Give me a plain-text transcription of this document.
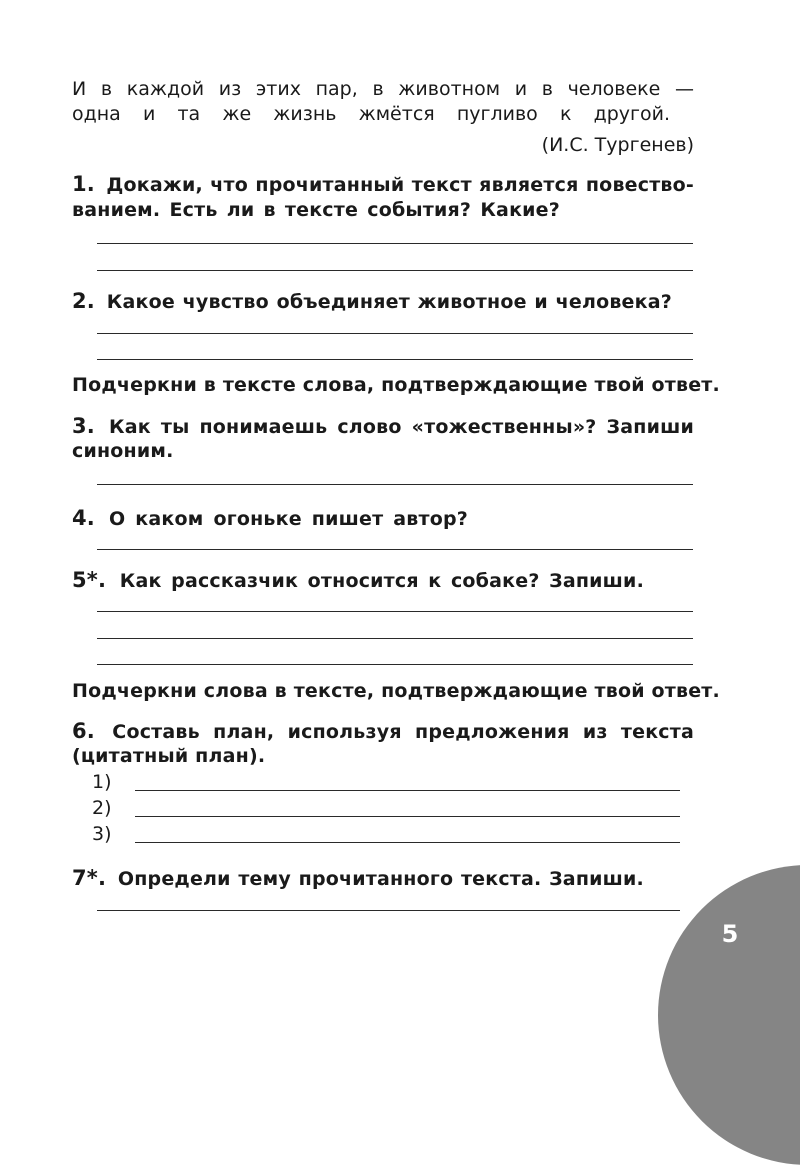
И в каждой из этих пар, в животном и в человеке —
одна и та же жизнь жмётся пугливо к другой.
(И.С. Тургенев)
1. Докажи, что прочитанный текст является повество-
ванием. Есть ли в тексте события? Какие?
2. Какое чувство объединяет животное и человека?
Подчеркни в тексте слова, подтверждающие твой ответ.
3. Как ты понимаешь слово «тожественны»? Запиши
синоним.
4. О каком огоньке пишет автор?
5*. Как рассказчик относится к собаке? Запиши.
Подчеркни слова в тексте, подтверждающие твой ответ.
6. Составь план, используя предложения из текста
(цитатный план).
1)
2)
3)
7*. Определи тему прочитанного текста. Запиши.
5
